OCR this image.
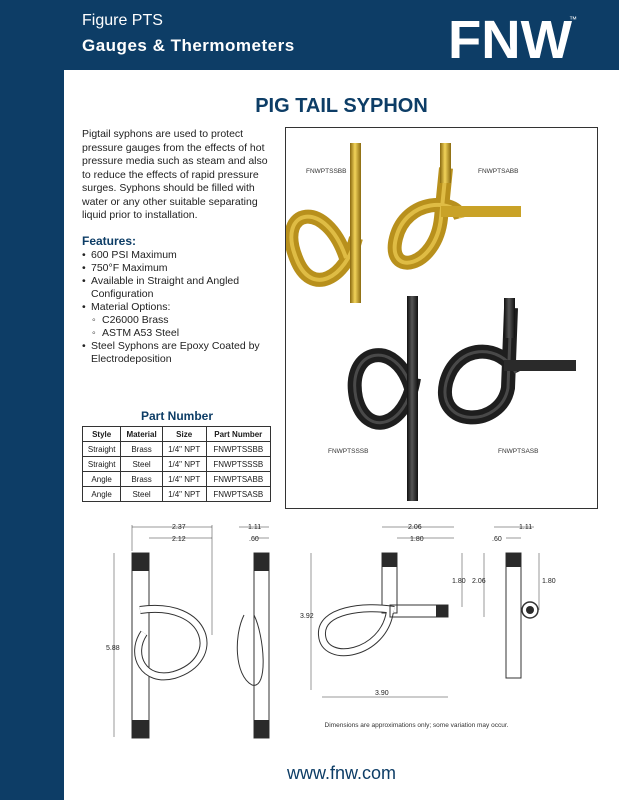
Figure PTS
Gauges & Thermometers	FNW
™
PIG TAIL SYPHON
Pigtail syphons are used to protect pressure gauges from the effects of hot pressure media such as steam and also to reduce the effects of rapid pressure surges. Syphons should be filled with water or any other suitable separating liquid prior to installation.
Features:
• 600 PSI Maximum
• 750°F Maximum
• Available in Straight and Angled Configuration
• Material Options:
◦ C26000 Brass
◦ ASTM A53 Steel
• Steel Syphons are Epoxy Coated by Electrodeposition
Part Number
Style	Material	Size	Part Number
Straight	Brass	1/4" NPT	FNWPTSSBB
Straight	Steel	1/4" NPT	FNWPTSSSB
Angle	Brass	1/4" NPT	FNWPTSABB
Angle	Steel	1/4" NPT	FNWPTSASB
FNWPTSSBB	FNWPTSABB
FNWPTSSSB	FNWPTSASB
2.37
2.12
5.88
1.11
.60
2.06
1.80
1.80 2.06
3.92
3.90
1.11
.60
1.80
Dimensions are approximations only; some variation may occur.
www.fnw.com
